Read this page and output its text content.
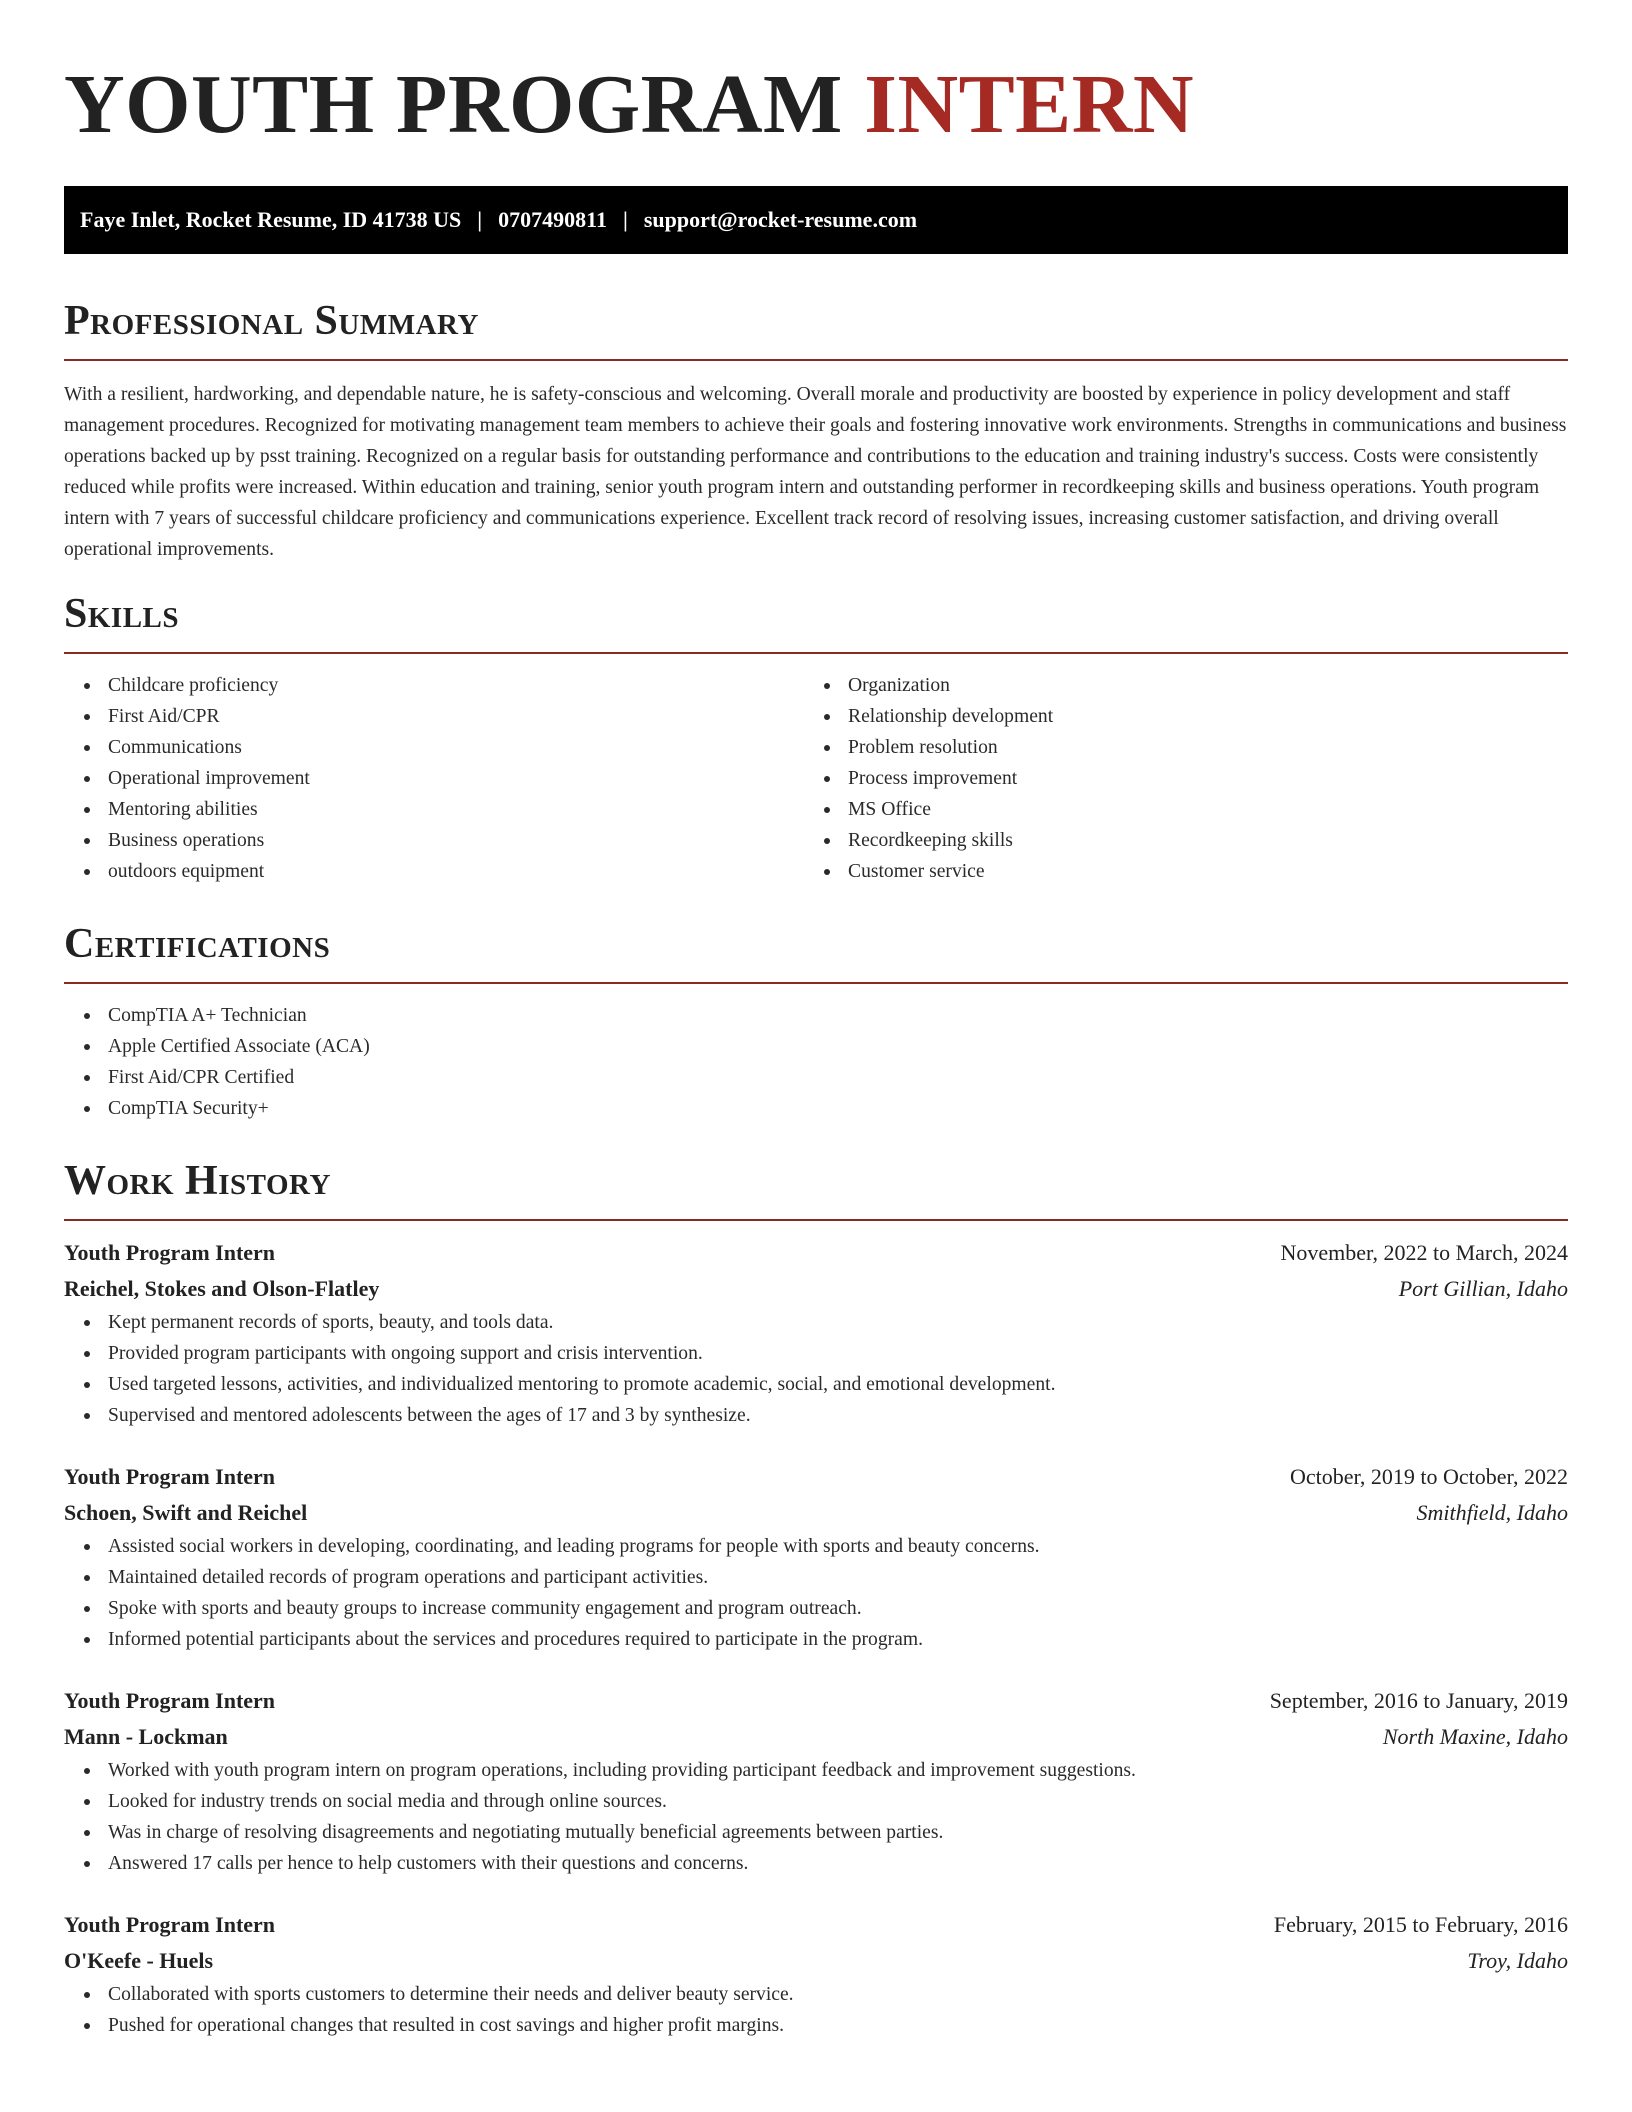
YOUTH PROGRAM INTERN
Faye Inlet, Rocket Resume, ID 41738 US | 0707490811 | support@rocket-resume.com
Professional Summary

With a resilient, hardworking, and dependable nature, he is safety-conscious and welcoming. Overall morale and productivity are boosted by experience in policy development and staff management procedures. Recognized for motivating management team members to achieve their goals and fostering innovative work environments. Strengths in communications and business operations backed up by psst training. Recognized on a regular basis for outstanding performance and contributions to the education and training industry's success. Costs were consistently reduced while profits were increased. Within education and training, senior youth program intern and outstanding performer in recordkeeping skills and business operations. Youth program intern with 7 years of successful childcare proficiency and communications experience. Excellent track record of resolving issues, increasing customer satisfaction, and driving overall operational improvements.

Skills
Childcare proficiency
First Aid/CPR
Communications
Operational improvement
Mentoring abilities
Business operations
outdoors equipment
Organization
Relationship development
Problem resolution
Process improvement
MS Office
Recordkeeping skills
Customer service
Certifications
CompTIA A+ Technician
Apple Certified Associate (ACA)
First Aid/CPR Certified
CompTIA Security+
Work History
Youth Program Intern	November, 2022 to March, 2024
Reichel, Stokes and Olson-Flatley	Port Gillian, Idaho
Kept permanent records of sports, beauty, and tools data.
Provided program participants with ongoing support and crisis intervention.
Used targeted lessons, activities, and individualized mentoring to promote academic, social, and emotional development.
Supervised and mentored adolescents between the ages of 17 and 3 by synthesize.
Youth Program Intern	October, 2019 to October, 2022
Schoen, Swift and Reichel	Smithfield, Idaho
Assisted social workers in developing, coordinating, and leading programs for people with sports and beauty concerns.
Maintained detailed records of program operations and participant activities.
Spoke with sports and beauty groups to increase community engagement and program outreach.
Informed potential participants about the services and procedures required to participate in the program.
Youth Program Intern	September, 2016 to January, 2019
Mann - Lockman	North Maxine, Idaho
Worked with youth program intern on program operations, including providing participant feedback and improvement suggestions.
Looked for industry trends on social media and through online sources.
Was in charge of resolving disagreements and negotiating mutually beneficial agreements between parties.
Answered 17 calls per hence to help customers with their questions and concerns.
Youth Program Intern	February, 2015 to February, 2016
O'Keefe - Huels	Troy, Idaho
Collaborated with sports customers to determine their needs and deliver beauty service.
Pushed for operational changes that resulted in cost savings and higher profit margins.
